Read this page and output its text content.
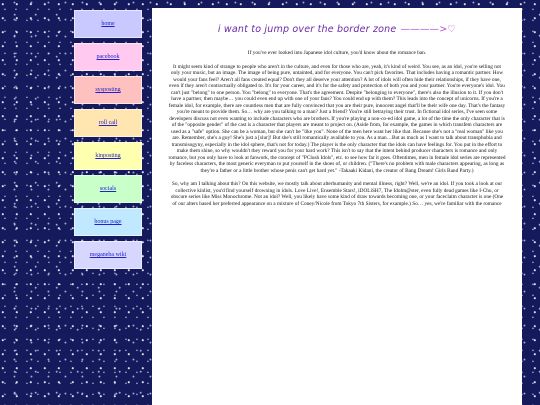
home
pacebook
sysposting
roll call
kinposting
socials
bonus page
meganeba wiki
i want to jump over the border zone ————>♡

If you've ever looked into Japanese idol culture, you'd know about the romance ban.

It might seem kind of strange to people who aren't in the culture, and even for those who are, yeah, it's kind of weird. You see, as an idol, you're selling not only your music, but an image. The image of being pure, untainted, and for everyone. You can't pick favorites. That includes having a romantic partner. How would your fans feel? Aren't all fans created equal? Don't they all deserve your attention? A lot of idols will often hide their relationships, if they have one, even if they aren't contractually obligated to. It's for your career, and it's for the safety and protection of both you and your partner. You're everyone's idol. You can't just "belong" to one person. You "belong" to everyone. That's the agreement. Despite "belonging to everyone", there's also the illusion to it. If you don't have a partner, then maybe… you could even end up with one of your fans? You could end up with them? This leads into the concept of unicorns. If you're a female idol, for example, there are countless men that are fully convinced that you are their pure, innocent angel that'll be their wife one day. That's the fantasy you're meant to provide them. So… why are you talking to a man? Just a friend? You're still betraying their trust. In fictional idol series, I've seen some developers discuss not even wanting to include characters who are brothers. If you're playing a non-co-ed idol game, a lot of the time the only character that is of the "opposite gender" of the cast is a character that players are meant to project on. (Aside from, for example, the games in which transfem characters are used as a "safe" option. She can be a woman, but she can't be "like you". None of the men here want her like that. Because she's not a "real woman" like you are. Remember, she's a guy! She's just a [slur]! But she's still romantically available to you. As a man…But as much as I want to talk about transphobia and transmisogyny, especially in the idol sphere, that's not for today.) The player is the only character that the idols can have feelings for. You put in the effort to make them shine, so why wouldn't they reward you for your hard work? This isn't to say that the intent behind producer characters is romance and only romance, but you only have to look at fanwork, the concept of "PClush Idols", etc. to see how far it goes. Oftentimes, men in female idol series are represented by faceless characters, the most generic everyman to put yourself in the shoes of, or children. ("There's no problem with male characters appearing, as long as they're a father or a little brother whose penis can't get hard yet." -Takaaki Kidani, the creator of Bang Dream! Girls Band Party.)

So, why am I talking about this? On this website, we mostly talk about alterhumanity and mental illness, right? Well, we're an idol. If you took a look at our collective kinlist, you'd find yourself drowning in idols. Love Live!, Ensemble Stars!, iDOLiSH7, The Idolm@ster, even fully dead games like I-Chu, or obscure series like Miss Monochrome. Not an idol? Well, you likely have some kind of draw towards becoming one, or your faceclaim character is one (One of our alters based her preferred appearance on a mixture of Coney/Nicole from Tokyo 7th Sisters, for example.) So… yes, we're familiar with the romance
